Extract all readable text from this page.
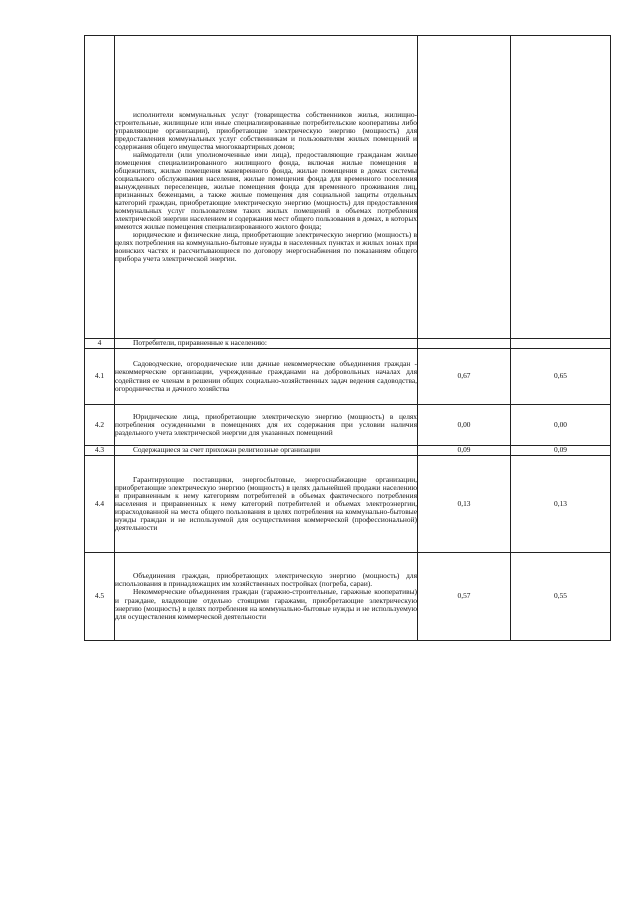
	исполнители коммунальных услуг (товарищества собственников жилья, жилищно-строительные, жилищные или иные специализированные потребительские кооперативы либо управляющие организации), приобретающие электрическую энергию (мощность) для предоставления коммунальных услуг собственникам и пользователям жилых помещений и содержания общего имущества многоквартирных домов;
наймодатели (или уполномоченные ими лица), предоставляющие гражданам жилые помещения специализированного жилищного фонда, включая жилые помещения в общежитиях, жилые помещения маневренного фонда, жилые помещения в домах системы социального обслуживания населения, жилые помещения фонда для временного поселения вынужденных переселенцев, жилые помещения фонда для временного проживания лиц, признанных беженцами, а также жилые помещения для социальной защиты отдельных категорий граждан, приобретающие электрическую энергию (мощность) для предоставления коммунальных услуг пользователям таких жилых помещений в объемах потребления электрической энергии населением и содержания мест общего пользования в домах, в которых имеются жилые помещения специализированного жилого фонда;
юридические и физические лица, приобретающие электрическую энергию (мощность) в целях потребления на коммунально-бытовые нужды в населенных пунктах и жилых зонах при воинских частях и рассчитывающиеся по договору энергоснабжения по показаниям общего прибора учета электрической энергии.		

4	Потребители, приравненные к населению:		

4.1	Садоводческие, огороднические или дачные некоммерческие объединения граждан - некоммерческие организации, учрежденные гражданами на добровольных началах для содействия ее членам в решении общих социально-хозяйственных задач ведения садоводства, огородничества и дачного хозяйства	0,67	0,65
4.2	Юридические лица, приобретающие электрическую энергию (мощность) в целях потребления осужденными в помещениях для их содержания при условии наличия раздельного учета электрической энергии для указанных помещений	0,00	0,00
4.3	Содержащиеся за счет прихожан религиозные организации	0,09	0,09
4.4	Гарантирующие поставщики, энергосбытовые, энергоснабжающие организации, приобретающие электрическую энергию (мощность) в целях дальнейшей продажи населению и приравненным к нему категориям потребителей в объемах фактического потребления населения и приравненных к нему категорий потребителей и объемах электроэнергии, израсходованной на места общего пользования в целях потребления на коммунально-бытовые нужды граждан и не используемой для осуществления коммерческой (профессиональной) деятельности	0,13	0,13
4.5	Объединения граждан, приобретающих электрическую энергию (мощность) для использования в принадлежащих им хозяйственных постройках (погреба, сараи).
Некоммерческие объединения граждан (гаражно-строительные, гаражные кооперативы) и граждане, владеющие отдельно стоящими гаражами, приобретающие электрическую энергию (мощность) в целях потребления на коммунально-бытовые нужды и не используемую для осуществления коммерческой деятельности	0,57	0,55
